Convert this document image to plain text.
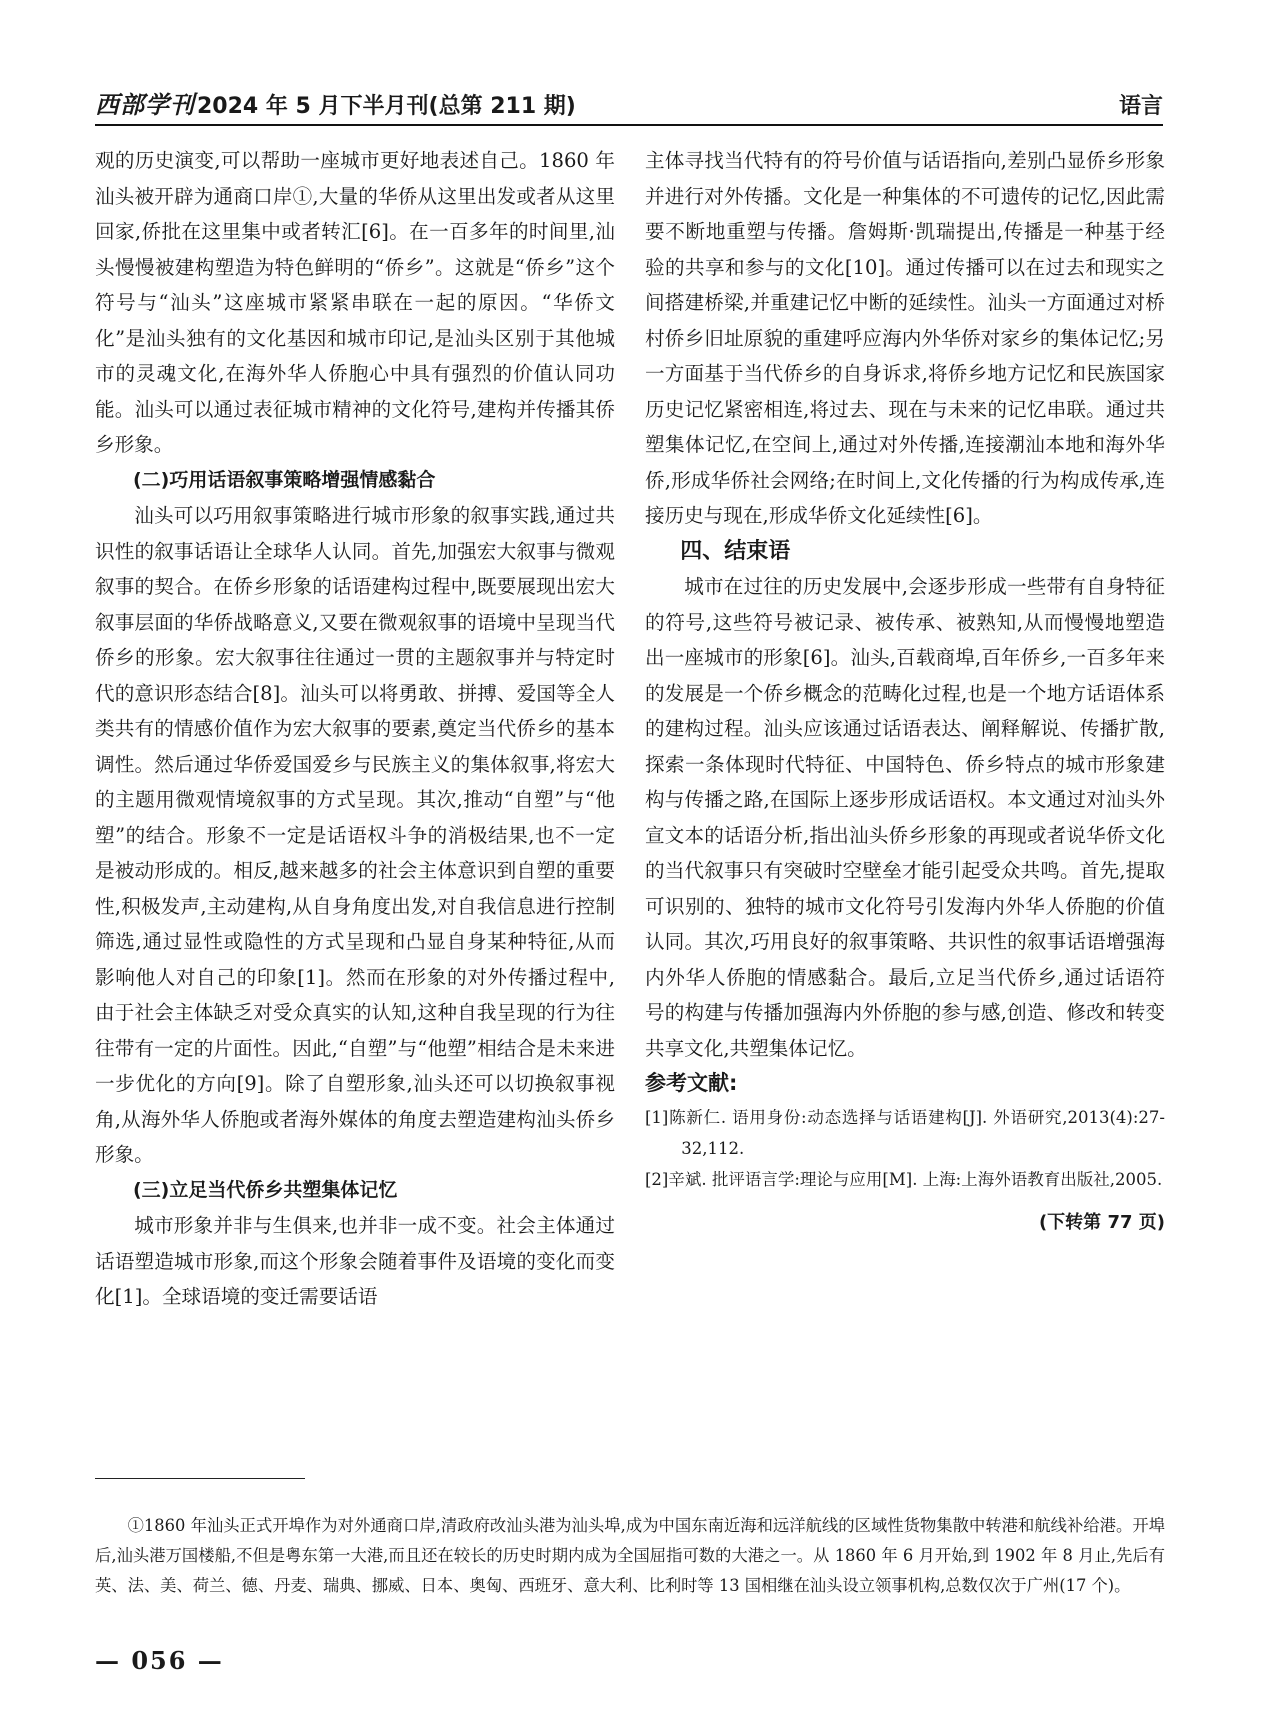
西部学刊 2024 年 5 月下半月刊(总第 211 期)	语言

观的历史演变,可以帮助一座城市更好地表述自己。1860 年汕头被开辟为通商口岸①,大量的华侨从这里出发或者从这里回家,侨批在这里集中或者转汇[6]。在一百多年的时间里,汕头慢慢被建构塑造为特色鲜明的“侨乡”。这就是“侨乡”这个符号与“汕头”这座城市紧紧串联在一起的原因。“华侨文化”是汕头独有的文化基因和城市印记,是汕头区别于其他城市的灵魂文化,在海外华人侨胞心中具有强烈的价值认同功能。汕头可以通过表征城市精神的文化符号,建构并传播其侨乡形象。

(二)巧用话语叙事策略增强情感黏合

汕头可以巧用叙事策略进行城市形象的叙事实践,通过共识性的叙事话语让全球华人认同。首先,加强宏大叙事与微观叙事的契合。在侨乡形象的话语建构过程中,既要展现出宏大叙事层面的华侨战略意义,又要在微观叙事的语境中呈现当代侨乡的形象。宏大叙事往往通过一贯的主题叙事并与特定时代的意识形态结合[8]。汕头可以将勇敢、拼搏、爱国等全人类共有的情感价值作为宏大叙事的要素,奠定当代侨乡的基本调性。然后通过华侨爱国爱乡与民族主义的集体叙事,将宏大的主题用微观情境叙事的方式呈现。其次,推动“自塑”与“他塑”的结合。形象不一定是话语权斗争的消极结果,也不一定是被动形成的。相反,越来越多的社会主体意识到自塑的重要性,积极发声,主动建构,从自身角度出发,对自我信息进行控制筛选,通过显性或隐性的方式呈现和凸显自身某种特征,从而影响他人对自己的印象[1]。然而在形象的对外传播过程中,由于社会主体缺乏对受众真实的认知,这种自我呈现的行为往往带有一定的片面性。因此,“自塑”与“他塑”相结合是未来进一步优化的方向[9]。除了自塑形象,汕头还可以切换叙事视角,从海外华人侨胞或者海外媒体的角度去塑造建构汕头侨乡形象。

(三)立足当代侨乡共塑集体记忆

城市形象并非与生俱来,也并非一成不变。社会主体通过话语塑造城市形象,而这个形象会随着事件及语境的变化而变化[1]。全球语境的变迁需要话语

主体寻找当代特有的符号价值与话语指向,差别凸显侨乡形象并进行对外传播。文化是一种集体的不可遗传的记忆,因此需要不断地重塑与传播。詹姆斯·凯瑞提出,传播是一种基于经验的共享和参与的文化[10]。通过传播可以在过去和现实之间搭建桥梁,并重建记忆中断的延续性。汕头一方面通过对桥村侨乡旧址原貌的重建呼应海内外华侨对家乡的集体记忆;另一方面基于当代侨乡的自身诉求,将侨乡地方记忆和民族国家历史记忆紧密相连,将过去、现在与未来的记忆串联。通过共塑集体记忆,在空间上,通过对外传播,连接潮汕本地和海外华侨,形成华侨社会网络;在时间上,文化传播的行为构成传承,连接历史与现在,形成华侨文化延续性[6]。

四、结束语

城市在过往的历史发展中,会逐步形成一些带有自身特征的符号,这些符号被记录、被传承、被熟知,从而慢慢地塑造出一座城市的形象[6]。汕头,百载商埠,百年侨乡,一百多年来的发展是一个侨乡概念的范畴化过程,也是一个地方话语体系的建构过程。汕头应该通过话语表达、阐释解说、传播扩散,探索一条体现时代特征、中国特色、侨乡特点的城市形象建构与传播之路,在国际上逐步形成话语权。本文通过对汕头外宣文本的话语分析,指出汕头侨乡形象的再现或者说华侨文化的当代叙事只有突破时空壁垒才能引起受众共鸣。首先,提取可识别的、独特的城市文化符号引发海内外华人侨胞的价值认同。其次,巧用良好的叙事策略、共识性的叙事话语增强海内外华人侨胞的情感黏合。最后,立足当代侨乡,通过话语符号的构建与传播加强海内外侨胞的参与感,创造、修改和转变共享文化,共塑集体记忆。

参考文献:

[1]陈新仁. 语用身份:动态选择与话语建构[J]. 外语研究,2013(4):27-32,112.

[2]辛斌. 批评语言学:理论与应用[M]. 上海:上海外语教育出版社,2005.

(下转第 77 页)

①1860 年汕头正式开埠作为对外通商口岸,清政府改汕头港为汕头埠,成为中国东南近海和远洋航线的区域性货物集散中转港和航线补给港。开埠后,汕头港万国楼船,不但是粤东第一大港,而且还在较长的历史时期内成为全国屈指可数的大港之一。从 1860 年 6 月开始,到 1902 年 8 月止,先后有英、法、美、荷兰、德、丹麦、瑞典、挪威、日本、奥匈、西班牙、意大利、比利时等 13 国相继在汕头设立领事机构,总数仅次于广州(17 个)。

— 056 —
